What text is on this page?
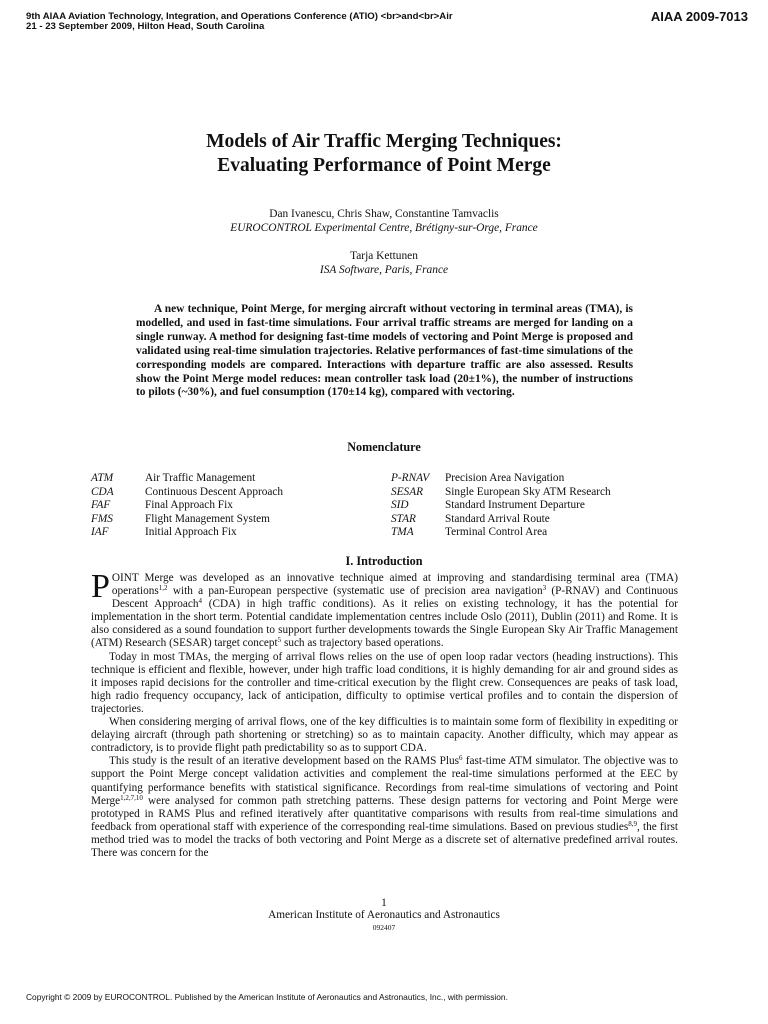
9th AIAA Aviation Technology, Integration, and Operations Conference (ATIO) <br>and<br>Air
21 - 23 September 2009, Hilton Head, South Carolina
AIAA 2009-7013
Models of Air Traffic Merging Techniques:
Evaluating Performance of Point Merge
Dan Ivanescu, Chris Shaw, Constantine Tamvaclis
EUROCONTROL Experimental Centre, Brétigny-sur-Orge, France
Tarja Kettunen
ISA Software, Paris, France

A new technique, Point Merge, for merging aircraft without vectoring in terminal areas (TMA), is modelled, and used in fast-time simulations. Four arrival traffic streams are merged for landing on a single runway. A method for designing fast-time models of vectoring and Point Merge is proposed and validated using real-time simulation trajectories. Relative performances of fast-time simulations of the corresponding models are compared. Interactions with departure traffic are also assessed. Results show the Point Merge model reduces: mean controller task load (20±1%), the number of instructions to pilots (~30%), and fuel consumption (170±14 kg), compared with vectoring.

Nomenclature
ATM	Air Traffic Management
CDA	Continuous Descent Approach
FAF	Final Approach Fix
FMS	Flight Management System
IAF	Initial Approach Fix
P-RNAV	Precision Area Navigation
SESAR	Single European Sky ATM Research
SID	Standard Instrument Departure
STAR	Standard Arrival Route
TMA	Terminal Control Area
I. Introduction

POINT Merge was developed as an innovative technique aimed at improving and standardising terminal area (TMA) operations$^{1,2}$ with a pan-European perspective (systematic use of precision area navigation$^3$ (P-RNAV) and Continuous Descent Approach$^4$ (CDA) in high traffic conditions). As it relies on existing technology, it has the potential for implementation in the short term. Potential candidate implementation centres include Oslo (2011), Dublin (2011) and Rome. It is also considered as a sound foundation to support further developments towards the Single European Sky Air Traffic Management (ATM) Research (SESAR) target concept$^5$ such as trajectory based operations.

Today in most TMAs, the merging of arrival flows relies on the use of open loop radar vectors (heading instructions). This technique is efficient and flexible, however, under high traffic load conditions, it is highly demanding for air and ground sides as it imposes rapid decisions for the controller and time-critical execution by the flight crew. Consequences are peaks of task load, high radio frequency occupancy, lack of anticipation, difficulty to optimise vertical profiles and to contain the dispersion of trajectories.

When considering merging of arrival flows, one of the key difficulties is to maintain some form of flexibility in expediting or delaying aircraft (through path shortening or stretching) so as to maintain capacity. Another difficulty, which may appear as contradictory, is to provide flight path predictability so as to support CDA.

This study is the result of an iterative development based on the RAMS Plus$^6$ fast-time ATM simulator. The objective was to support the Point Merge concept validation activities and complement the real-time simulations performed at the EEC by quantifying performance benefits with statistical significance. Recordings from real-time simulations of vectoring and Point Merge$^{1,2,7,10}$ were analysed for common path stretching patterns. These design patterns for vectoring and Point Merge were prototyped in RAMS Plus and refined iteratively after quantitative comparisons with results from real-time simulations and feedback from operational staff with experience of the corresponding real-time simulations. Based on previous studies$^{8,9}$, the first method tried was to model the tracks of both vectoring and Point Merge as a discrete set of alternative predefined arrival routes. There was concern for the

1
American Institute of Aeronautics and Astronautics
092407
Copyright © 2009 by EUROCONTROL. Published by the American Institute of Aeronautics and Astronautics, Inc., with permission.
